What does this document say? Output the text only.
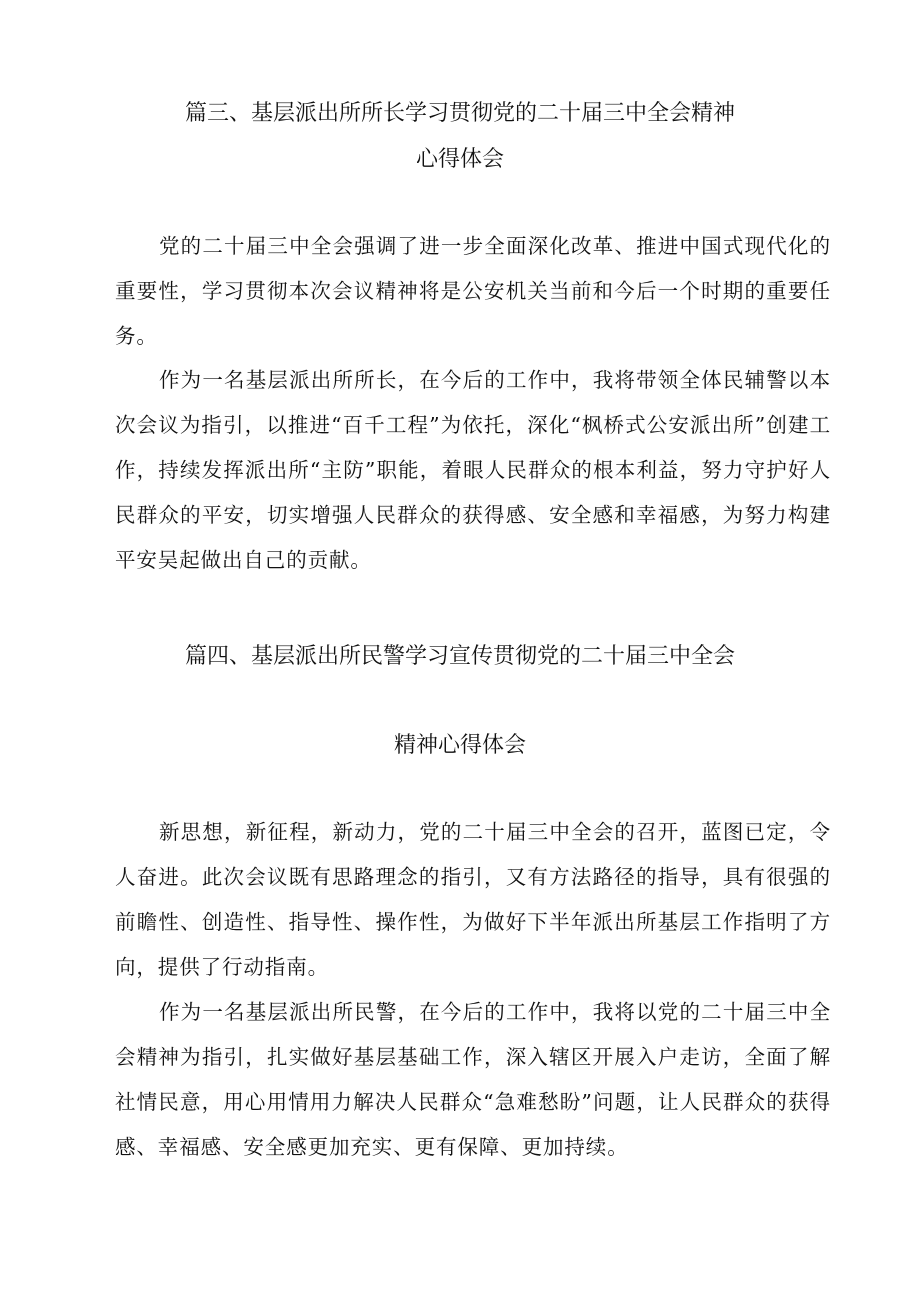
篇三、基层派出所所长学习贯彻党的二十届三中全会精神
心得体会

党的二十届三中全会强调了进一步全面深化改革、推进中国式现代化的重要性，学习贯彻本次会议精神将是公安机关当前和今后一个时期的重要任务。

作为一名基层派出所所长，在今后的工作中，我将带领全体民辅警以本次会议为指引，以推进“百千工程”为依托，深化“枫桥式公安派出所”创建工作，持续发挥派出所“主防”职能，着眼人民群众的根本利益，努力守护好人民群众的平安，切实增强人民群众的获得感、安全感和幸福感，为努力构建平安吴起做出自己的贡献。

篇四、基层派出所民警学习宣传贯彻党的二十届三中全会
精神心得体会

新思想，新征程，新动力，党的二十届三中全会的召开，蓝图已定，令人奋进。此次会议既有思路理念的指引，又有方法路径的指导，具有很强的前瞻性、创造性、指导性、操作性，为做好下半年派出所基层工作指明了方向，提供了行动指南。

作为一名基层派出所民警，在今后的工作中，我将以党的二十届三中全会精神为指引，扎实做好基层基础工作，深入辖区开展入户走访，全面了解社情民意，用心用情用力解决人民群众“急难愁盼”问题，让人民群众的获得感、幸福感、安全感更加充实、更有保障、更加持续。
